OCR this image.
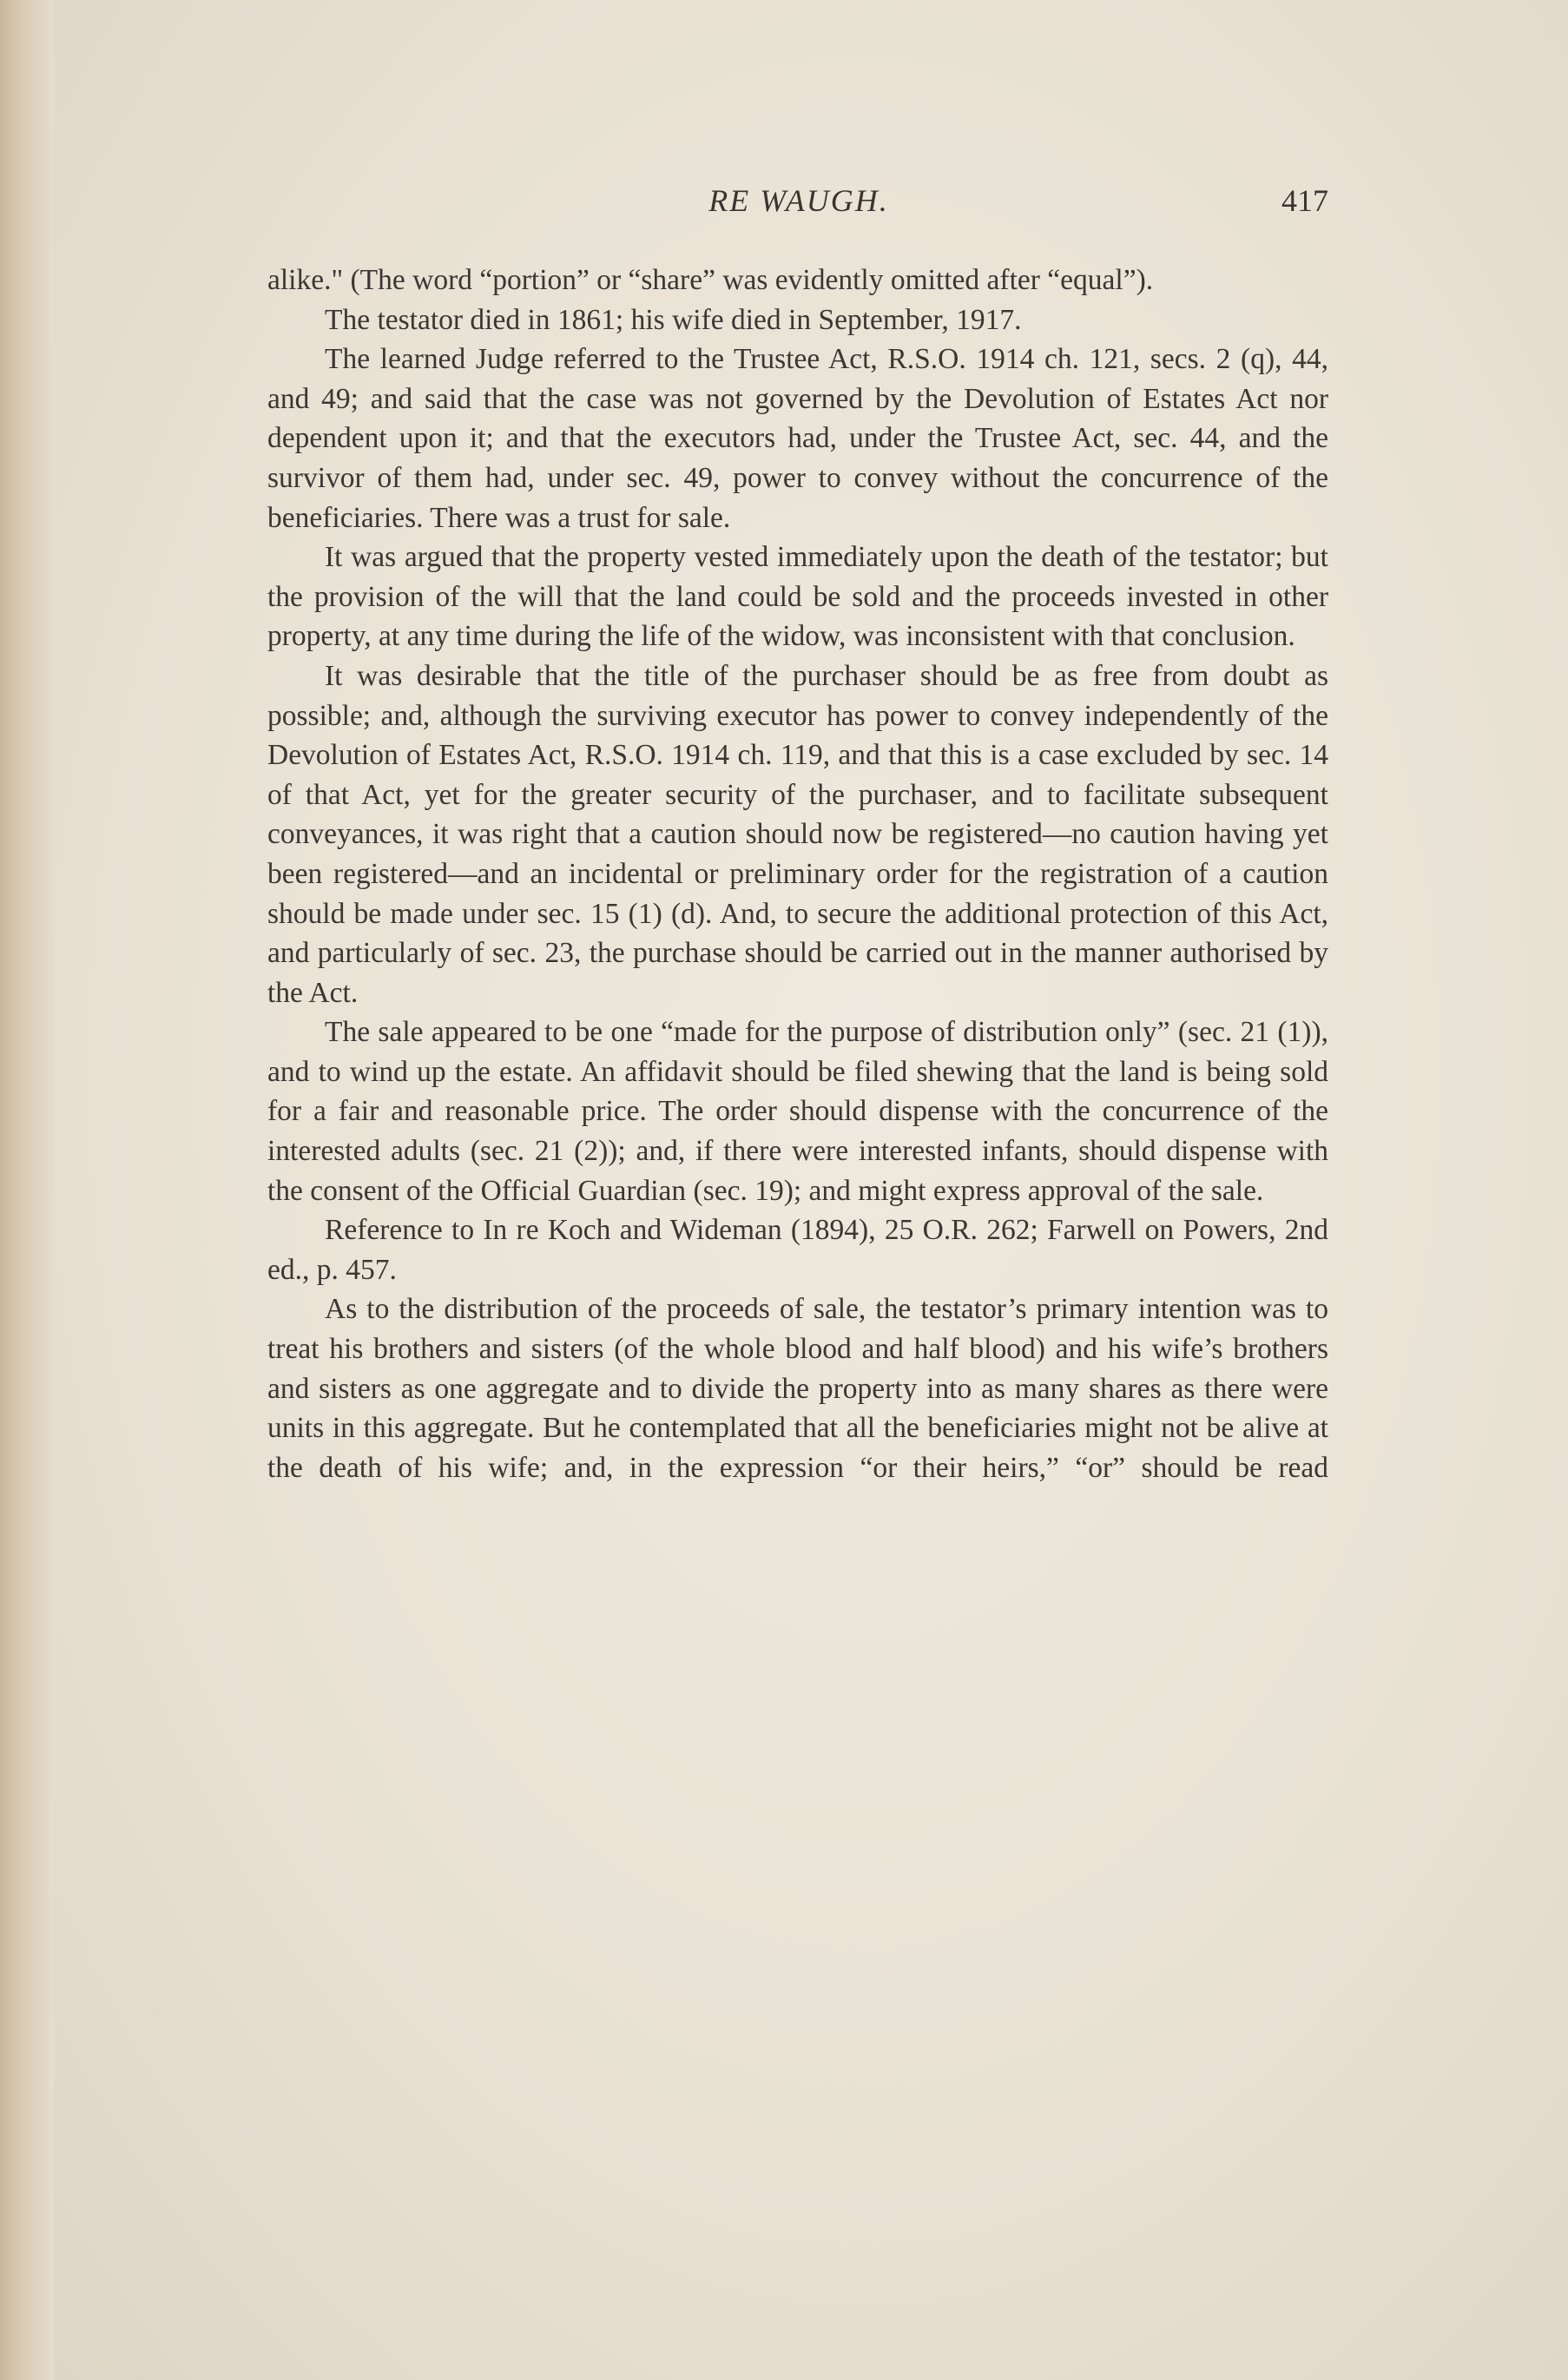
RE WAUGH.	417

alike." (The word “portion” or “share” was evidently omitted after “equal”).

The testator died in 1861; his wife died in September, 1917.

The learned Judge referred to the Trustee Act, R.S.O. 1914 ch. 121, secs. 2 (q), 44, and 49; and said that the case was not governed by the Devolution of Estates Act nor dependent upon it; and that the executors had, under the Trustee Act, sec. 44, and the survivor of them had, under sec. 49, power to convey without the concurrence of the beneficiaries. There was a trust for sale.

It was argued that the property vested immediately upon the death of the testator; but the provision of the will that the land could be sold and the proceeds invested in other property, at any time during the life of the widow, was inconsistent with that conclusion.

It was desirable that the title of the purchaser should be as free from doubt as possible; and, although the surviving executor has power to convey independently of the Devolution of Estates Act, R.S.O. 1914 ch. 119, and that this is a case excluded by sec. 14 of that Act, yet for the greater security of the purchaser, and to facilitate subsequent conveyances, it was right that a caution should now be registered—no caution having yet been registered—and an incidental or preliminary order for the registration of a caution should be made under sec. 15 (1) (d). And, to secure the additional protection of this Act, and particularly of sec. 23, the purchase should be carried out in the manner authorised by the Act.

The sale appeared to be one “made for the purpose of distribution only” (sec. 21 (1)), and to wind up the estate. An affidavit should be filed shewing that the land is being sold for a fair and reasonable price. The order should dispense with the concurrence of the interested adults (sec. 21 (2)); and, if there were interested infants, should dispense with the consent of the Official Guardian (sec. 19); and might express approval of the sale.

Reference to In re Koch and Wideman (1894), 25 O.R. 262; Farwell on Powers, 2nd ed., p. 457.

As to the distribution of the proceeds of sale, the testator’s primary intention was to treat his brothers and sisters (of the whole blood and half blood) and his wife’s brothers and sisters as one aggregate and to divide the property into as many shares as there were units in this aggregate. But he contemplated that all the beneficiaries might not be alive at the death of his wife; and, in the expression “or their heirs,” “or” should be read
